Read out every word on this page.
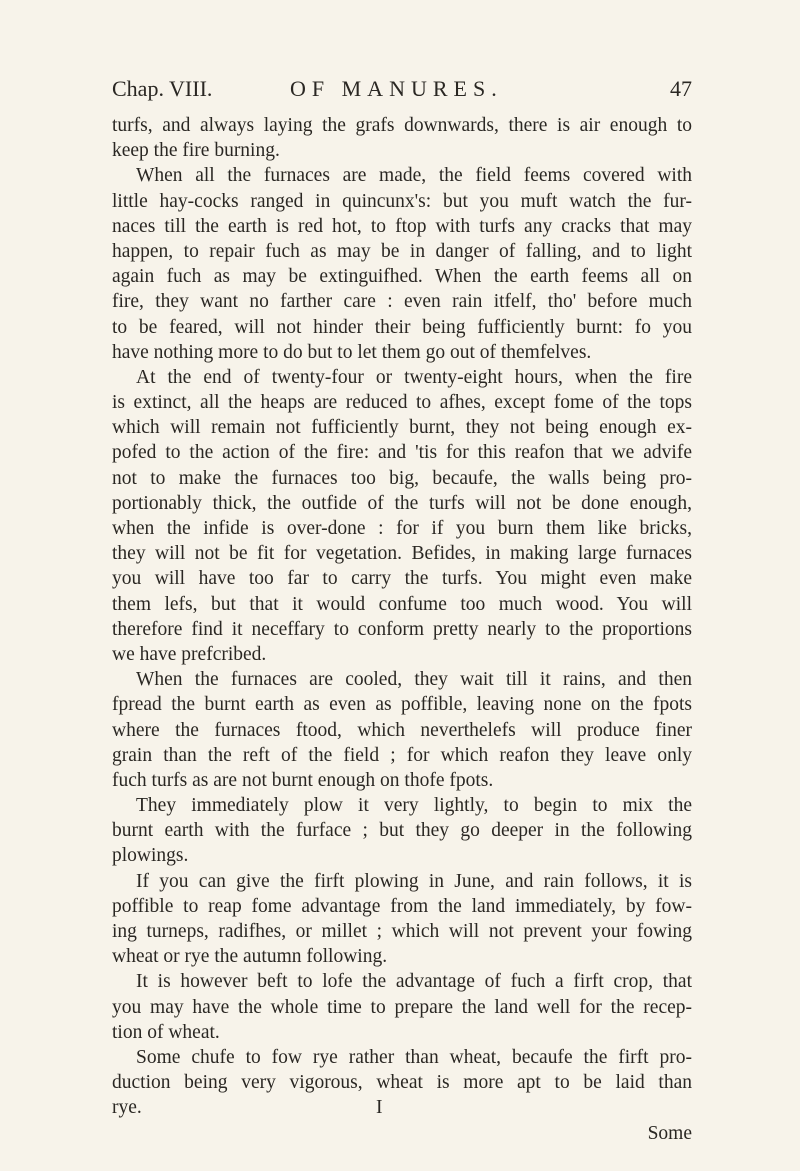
Chap. VIII.	OF MANURES.	47
turfs, and always laying the grafs downwards, there is air enough to
keep the fire burning.
When all the furnaces are made, the field feems covered with
little hay-cocks ranged in quincunx's: but you muft watch the fur-
naces till the earth is red hot, to ftop with turfs any cracks that may
happen, to repair fuch as may be in danger of falling, and to light
again fuch as may be extinguifhed. When the earth feems all on
fire, they want no farther care : even rain itfelf, tho' before much
to be feared, will not hinder their being fufficiently burnt: fo you
have nothing more to do but to let them go out of themfelves.
At the end of twenty-four or twenty-eight hours, when the fire
is extinct, all the heaps are reduced to afhes, except fome of the tops
which will remain not fufficiently burnt, they not being enough ex-
pofed to the action of the fire: and 'tis for this reafon that we advife
not to make the furnaces too big, becaufe, the walls being pro-
portionably thick, the outfide of the turfs will not be done enough,
when the infide is over-done : for if you burn them like bricks,
they will not be fit for vegetation. Befides, in making large furnaces
you will have too far to carry the turfs. You might even make
them lefs, but that it would confume too much wood. You will
therefore find it neceffary to conform pretty nearly to the proportions
we have prefcribed.
When the furnaces are cooled, they wait till it rains, and then
fpread the burnt earth as even as poffible, leaving none on the fpots
where the furnaces ftood, which neverthelefs will produce finer
grain than the reft of the field ; for which reafon they leave only
fuch turfs as are not burnt enough on thofe fpots.
They immediately plow it very lightly, to begin to mix the
burnt earth with the furface ; but they go deeper in the following
plowings.
If you can give the firft plowing in June, and rain follows, it is
poffible to reap fome advantage from the land immediately, by fow-
ing turneps, radifhes, or millet ; which will not prevent your fowing
wheat or rye the autumn following.
It is however beft to lofe the advantage of fuch a firft crop, that
you may have the whole time to prepare the land well for the recep-
tion of wheat.
Some chufe to fow rye rather than wheat, becaufe the firft pro-
duction being very vigorous, wheat is more apt to be laid than
rye.	I
Some
